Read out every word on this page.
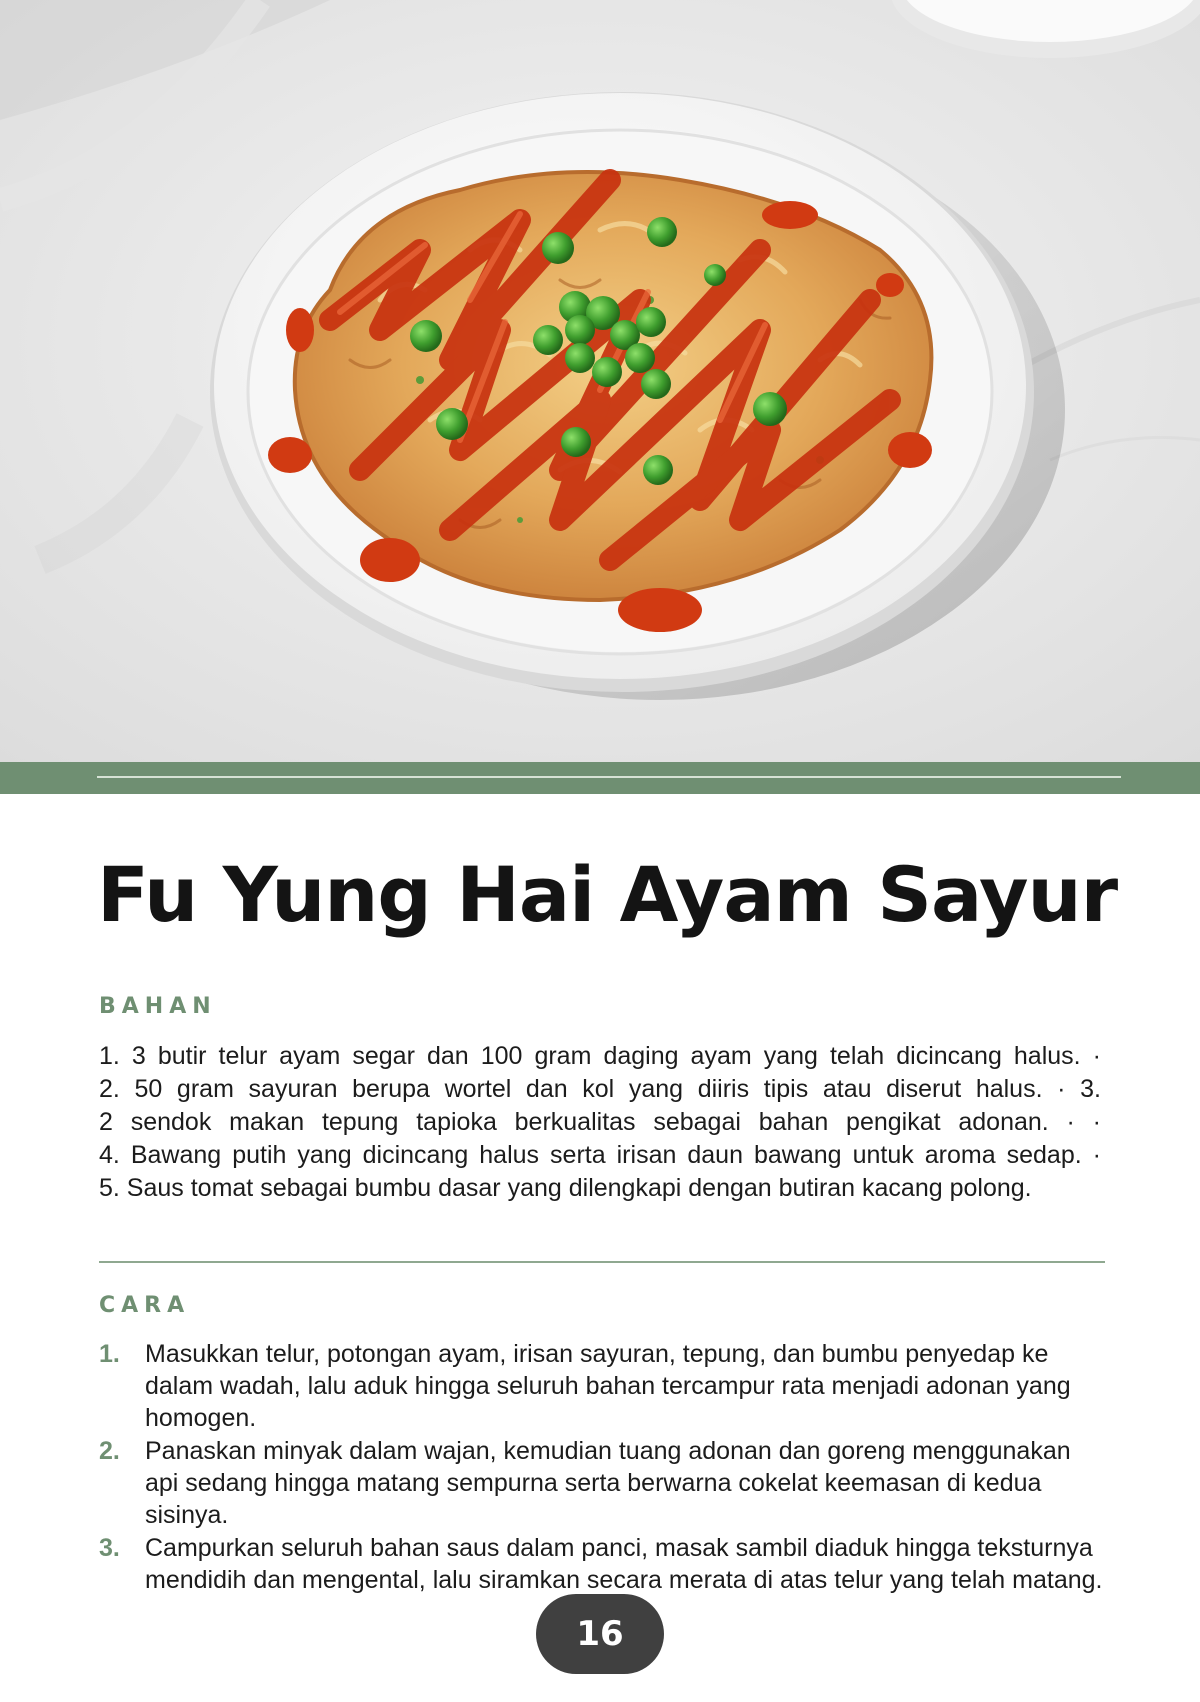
Fu Yung Hai Ayam Sayur
BAHAN
1. 3 butir telur ayam segar dan 100 gram daging ayam yang telah dicincang halus. ·
2. 50 gram sayuran berupa wortel dan kol yang diiris tipis atau diserut halus. · 3.
2 sendok makan tepung tapioka berkualitas sebagai bahan pengikat adonan. · ·
4. Bawang putih yang dicincang halus serta irisan daun bawang untuk aroma sedap. ·
5. Saus tomat sebagai bumbu dasar yang dilengkapi dengan butiran kacang polong.
CARA
1.	Masukkan telur, potongan ayam, irisan sayuran, tepung, dan bumbu penyedap ke dalam wadah, lalu aduk hingga seluruh bahan tercampur rata menjadi adonan yang homogen.
2.	Panaskan minyak dalam wajan, kemudian tuang adonan dan goreng menggunakan api sedang hingga matang sempurna serta berwarna cokelat keemasan di kedua sisinya.
3.	Campurkan seluruh bahan saus dalam panci, masak sambil diaduk hingga teksturnya mendidih dan mengental, lalu siramkan secara merata di atas telur yang telah matang.
16
